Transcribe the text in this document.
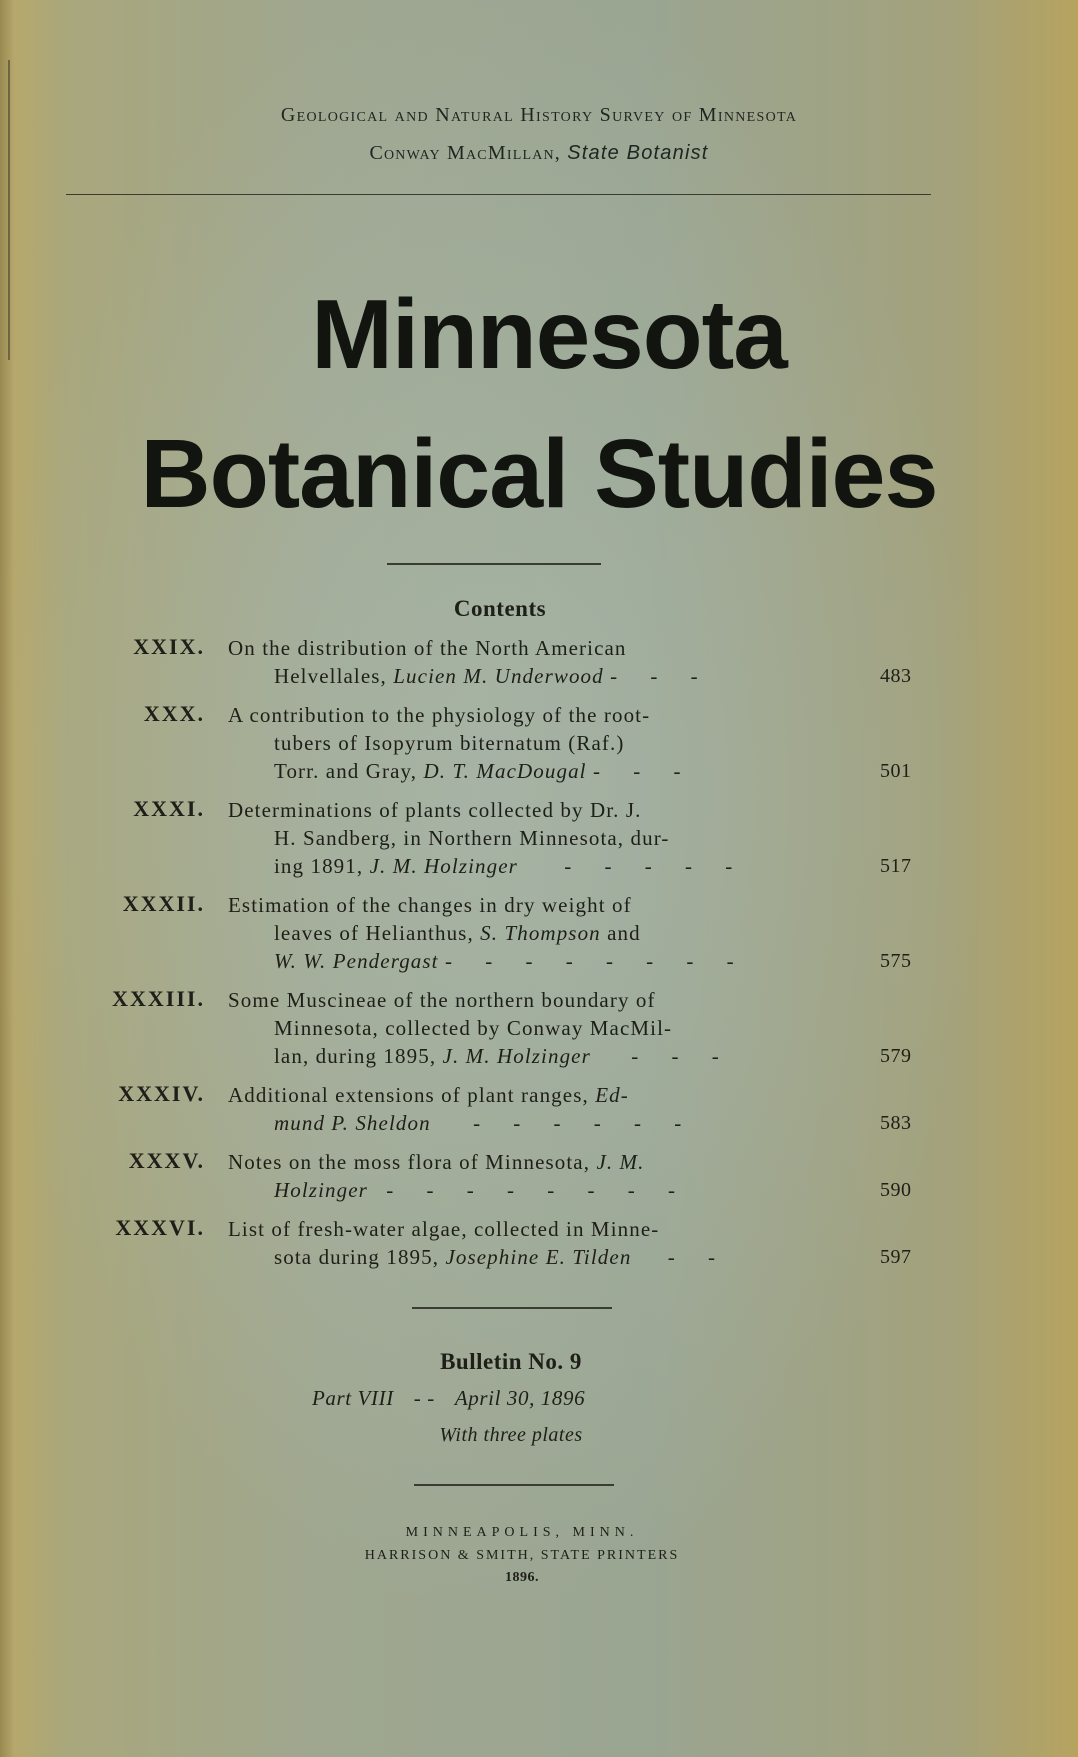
Geological and Natural History Survey of Minnesota
Conway MacMillan, State Botanist
Minnesota
Botanical Studies
Contents
XXIX. On the distribution of the North American
Helvellales, Lucien M. Underwood - - -	483
XXX. A contribution to the physiology of the root-
tubers of Isopyrum biternatum (Raf.)
Torr. and Gray, D. T. MacDougal - - -	501
XXXI. Determinations of plants collected by Dr. J.
H. Sandberg, in Northern Minnesota, dur-
ing 1891, J. M. Holzinger - - - - -	517
XXXII. Estimation of the changes in dry weight of
leaves of Helianthus, S. Thompson and
W. W. Pendergast - - - - - - - -	575
XXXIII. Some Muscineae of the northern boundary of
Minnesota, collected by Conway MacMil-
lan, during 1895, J. M. Holzinger - - -	579
XXXIV. Additional extensions of plant ranges, Ed-
mund P. Sheldon - - - - - -	583
XXXV. Notes on the moss flora of Minnesota, J. M.
Holzinger - - - - - - - -	590
XXXVI. List of fresh-water algae, collected in Minne-
sota during 1895, Josephine E. Tilden - -	597
Bulletin No. 9
Part VIII - - April 30, 1896
With three plates
MINNEAPOLIS, MINN.
HARRISON & SMITH, STATE PRINTERS
1896.
